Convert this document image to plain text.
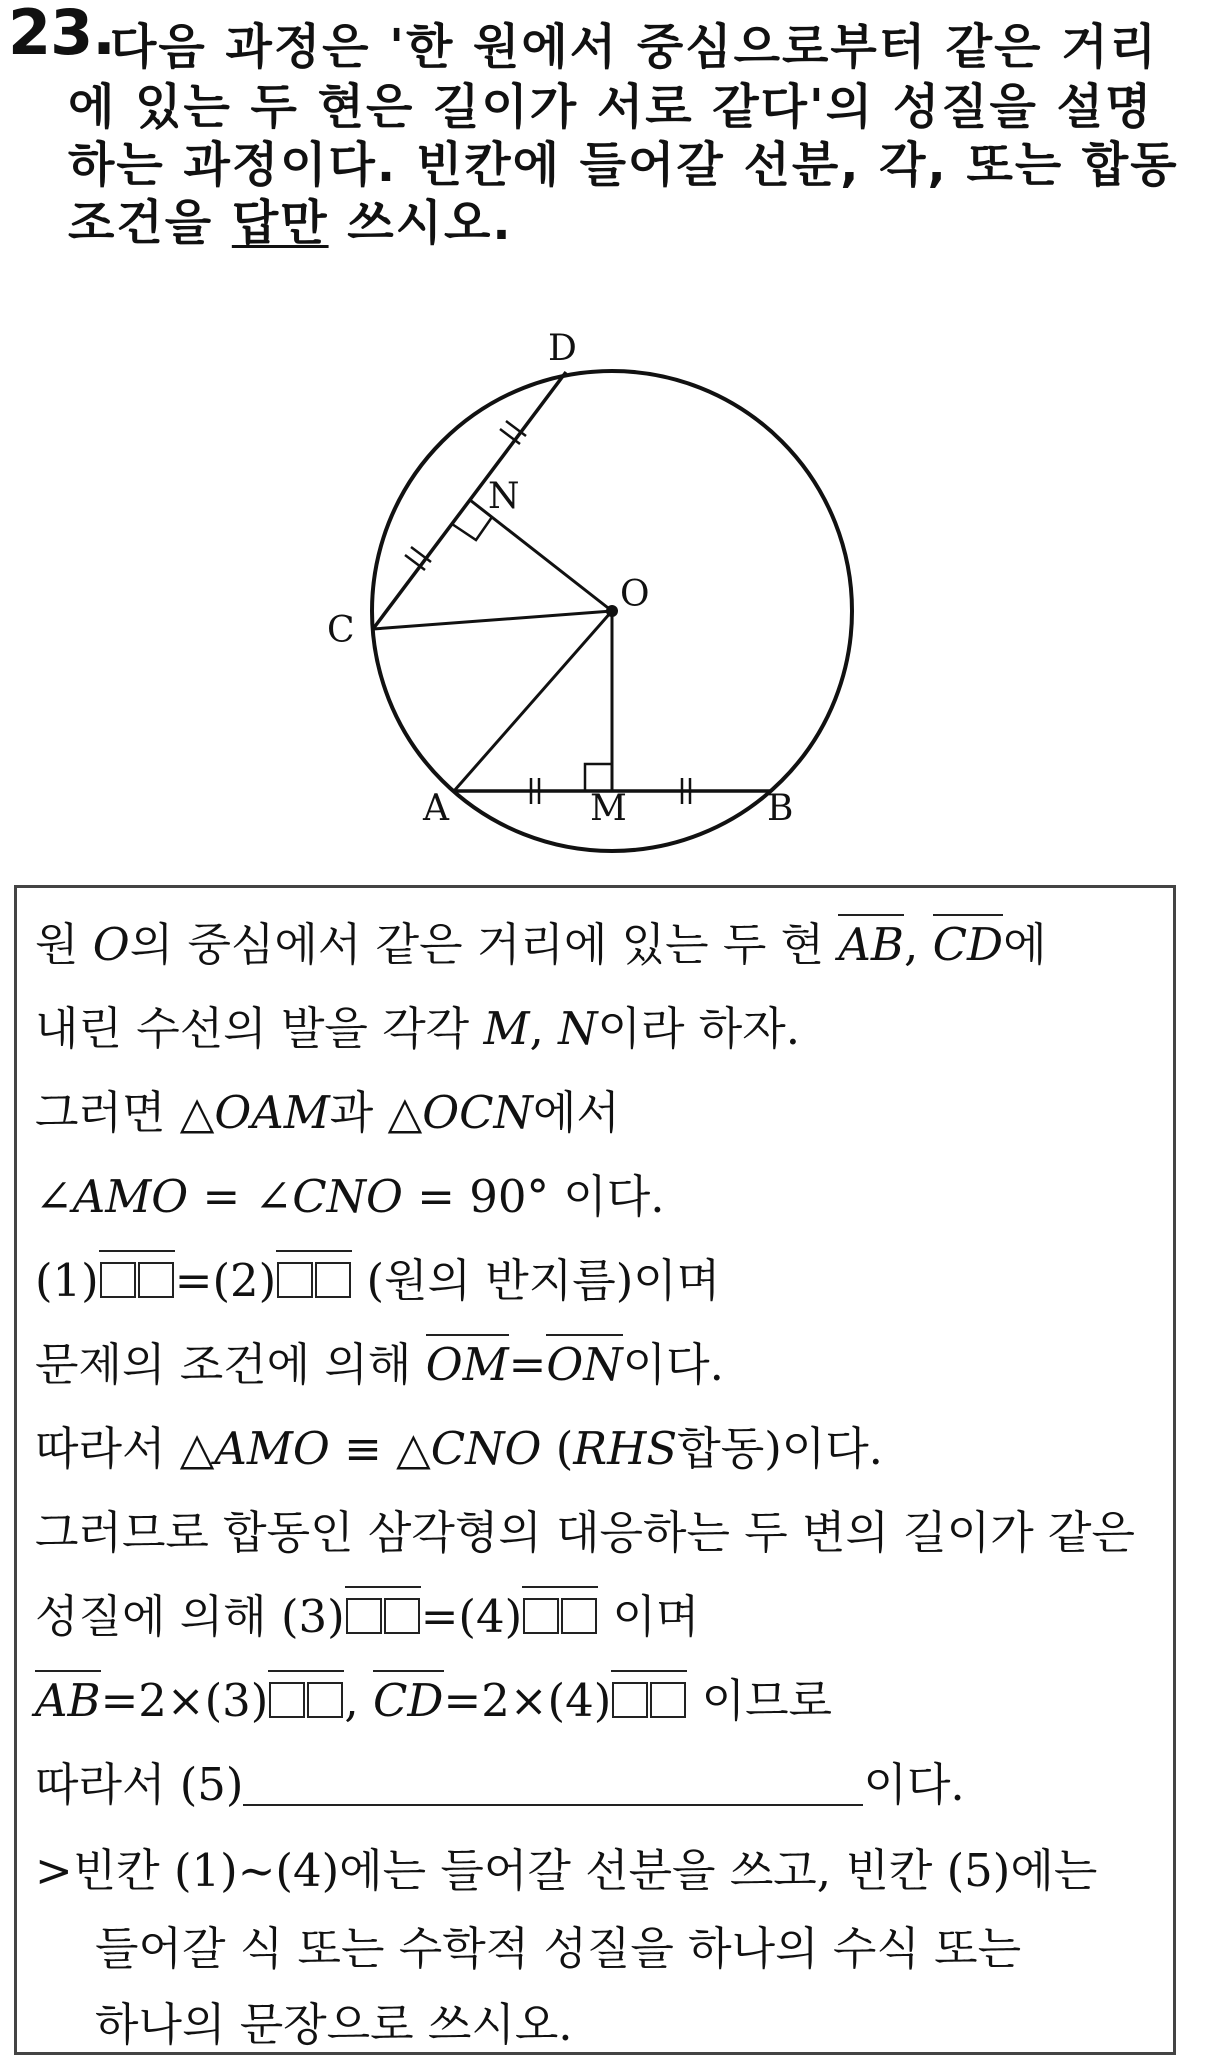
23.
다음 과정은 '한 원에서 중심으로부터 같은 거리
에 있는 두 현은 길이가 서로 같다'의 성질을 설명
하는 과정이다. 빈칸에 들어갈 선분, 각, 또는 합동
조건을 답만 쓰시오.
D
N
O
C
A	M	B
원 O의 중심에서 같은 거리에 있는 두 현 AB, CD에
내린 수선의 발을 각각 M, N이라 하자.
그러면 △OAM과 △OCN에서
∠AMO = ∠CNO = 90° 이다.
(1) =(2) (원의 반지름)이며
문제의 조건에 의해 OM=ON이다.
따라서 △AMO ≡ △CNO (RHS합동)이다.
그러므로 합동인 삼각형의 대응하는 두 변의 길이가 같은
성질에 의해 (3) =(4) 이며
AB=2×(3) , CD=2×(4) 이므로
따라서 (5)	이다.
>빈칸 (1)~(4)에는 들어갈 선분을 쓰고, 빈칸 (5)에는
들어갈 식 또는 수학적 성질을 하나의 수식 또는
하나의 문장으로 쓰시오.
